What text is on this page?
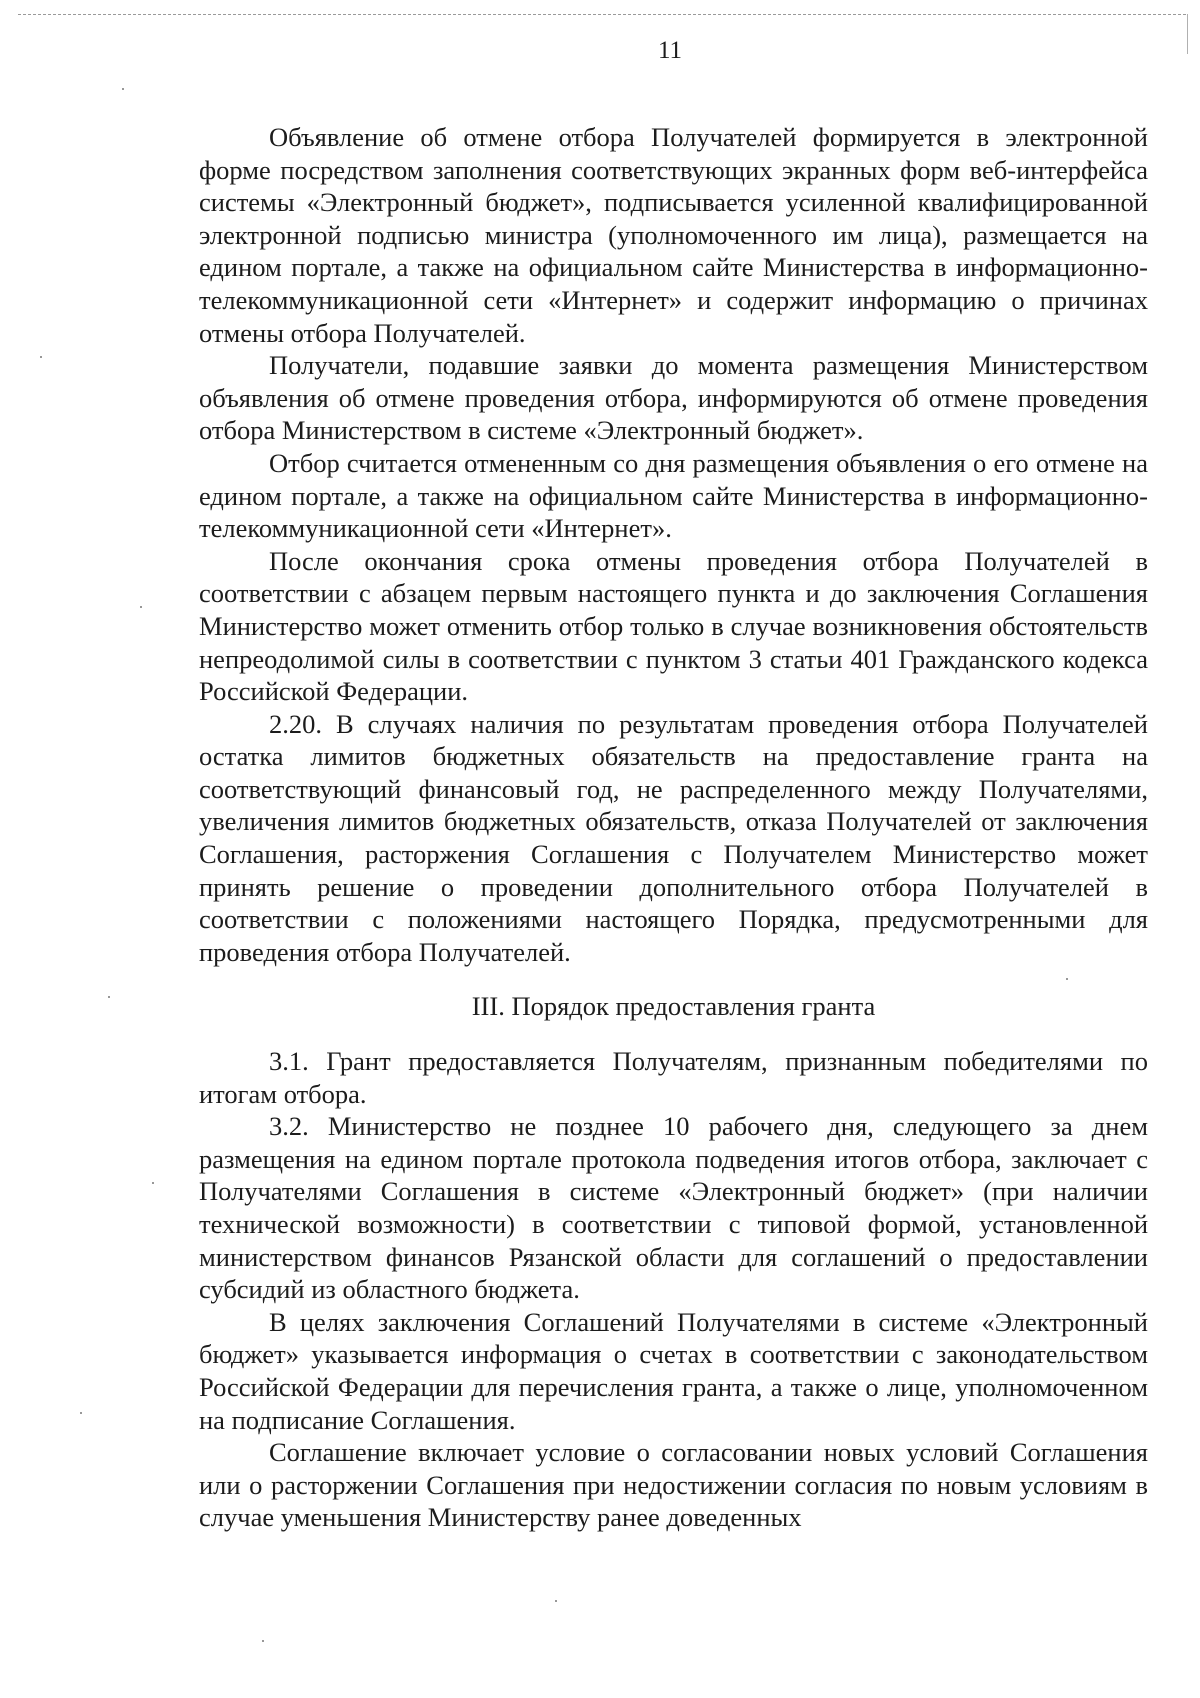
11

Объявление об отмене отбора Получателей формируется в электронной форме посредством заполнения соответствующих экранных форм веб-интерфейса системы «Электронный бюджет», подписывается усиленной квалифицированной электронной подписью министра (уполномоченного им лица), размещается на едином портале, а также на официальном сайте Министерства в информационно-телекоммуникационной сети «Интернет» и содержит информацию о причинах отмены отбора Получателей.

Получатели, подавшие заявки до момента размещения Министерством объявления об отмене проведения отбора, информируются об отмене проведения отбора Министерством в системе «Электронный бюджет».

Отбор считается отмененным со дня размещения объявления о его отмене на едином портале, а также на официальном сайте Министерства в информационно-телекоммуникационной сети «Интернет».

После окончания срока отмены проведения отбора Получателей в соответствии с абзацем первым настоящего пункта и до заключения Соглашения Министерство может отменить отбор только в случае возникновения обстоятельств непреодолимой силы в соответствии с пунктом 3 статьи 401 Гражданского кодекса Российской Федерации.

2.20. В случаях наличия по результатам проведения отбора Получателей остатка лимитов бюджетных обязательств на предоставление гранта на соответствующий финансовый год, не распределенного между Получателями, увеличения лимитов бюджетных обязательств, отказа Получателей от заключения Соглашения, расторжения Соглашения с Получателем Министерство может принять решение о проведении дополнительного отбора Получателей в соответствии с положениями настоящего Порядка, предусмотренными для проведения отбора Получателей.

III. Порядок предоставления гранта

3.1. Грант предоставляется Получателям, признанным победителями по итогам отбора.

3.2. Министерство не позднее 10 рабочего дня, следующего за днем размещения на едином портале протокола подведения итогов отбора, заключает с Получателями Соглашения в системе «Электронный бюджет» (при наличии технической возможности) в соответствии с типовой формой, установленной министерством финансов Рязанской области для соглашений о предоставлении субсидий из областного бюджета.

В целях заключения Соглашений Получателями в системе «Электронный бюджет» указывается информация о счетах в соответствии с законодательством Российской Федерации для перечисления гранта, а также о лице, уполномоченном на подписание Соглашения.

Соглашение включает условие о согласовании новых условий Соглашения или о расторжении Соглашения при недостижении согласия по новым условиям в случае уменьшения Министерству ранее доведенных
